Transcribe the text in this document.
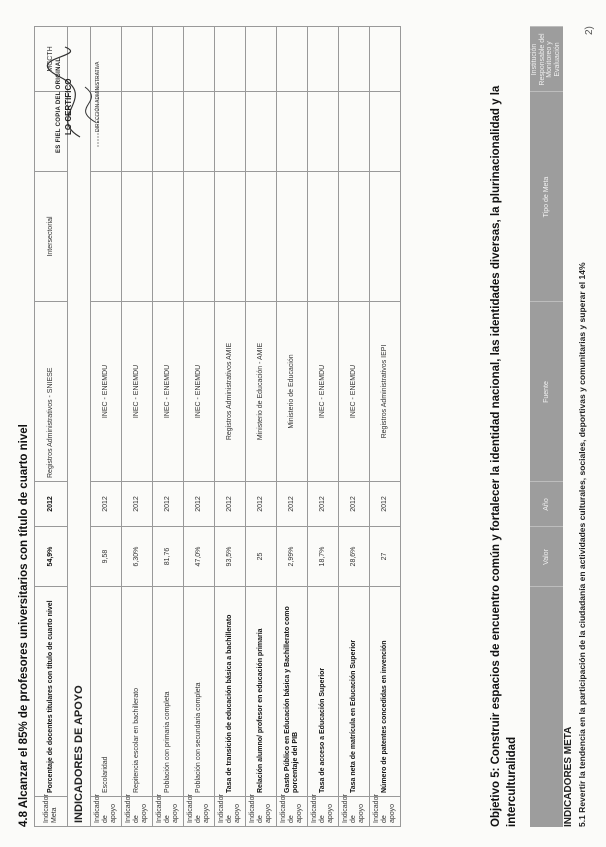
4.8 Alcanzar el 85% de profesores universitarios con título de cuarto nivel Indicador Meta	Porcentaje de docentes titulares con título de cuarto nivel	54,9%	2012	Registros Administrativos - SNIESE	Intersectorial		MCCTH
INDICADORES DE APOYO							
Indicador de apoyo	Escolaridad	9,58	2012	INEC - ENEMDU			
Indicador de apoyo	Repitencia escolar en bachillerato	6,30%	2012	INEC - ENEMDU			
Indicador de apoyo	Población con primaria completa	81,76	2012	INEC - ENEMDU			
Indicador de apoyo	Población con secundaria completa	47,0%	2012	INEC - ENEMDU			
Indicador de apoyo	Tasa de transición de educación básica a bachillerato	93,5%	2012	Registros Administrativos AMIE			
Indicador de apoyo	Relación alumno/ profesor en educación primaria	25	2012	Ministerio de Educación - AMIE			
Indicador de apoyo	Gasto Público en Educación básica y Bachillerato como porcentaje del PIB	2,99%	2012	Ministerio de Educación			
Indicador de apoyo	Tasa de acceso a Educación Superior	18,7%	2012	INEC - ENEMDU			
Indicador de apoyo	Tasa neta de matrícula en Educación Superior	28,6%	2012	INEC - ENEMDU			
Indicador de apoyo	Número de patentes concedidas en invención	27	2012	Registros Administrativos IEPI				Objetivo 5: Construir espacios de encuentro común y fortalecer la identidad nacional, las identidades diversas, la plurinacionalidad y la interculturalidad
	Valor	Año	Fuente	Tipo de Meta	Institución Responsable del Monitoreo y Evaluación
INDICADORES META 5.1 Revertir la tendencia en la participación de la ciudadanía en actividades culturales, sociales, deportivas y comunitarias y superar el 14%
ES FIEL COPIA DEL ORIGINAL LO CERTIFICO	DIRECCIÓN ADMINISTRATIVA
2)
